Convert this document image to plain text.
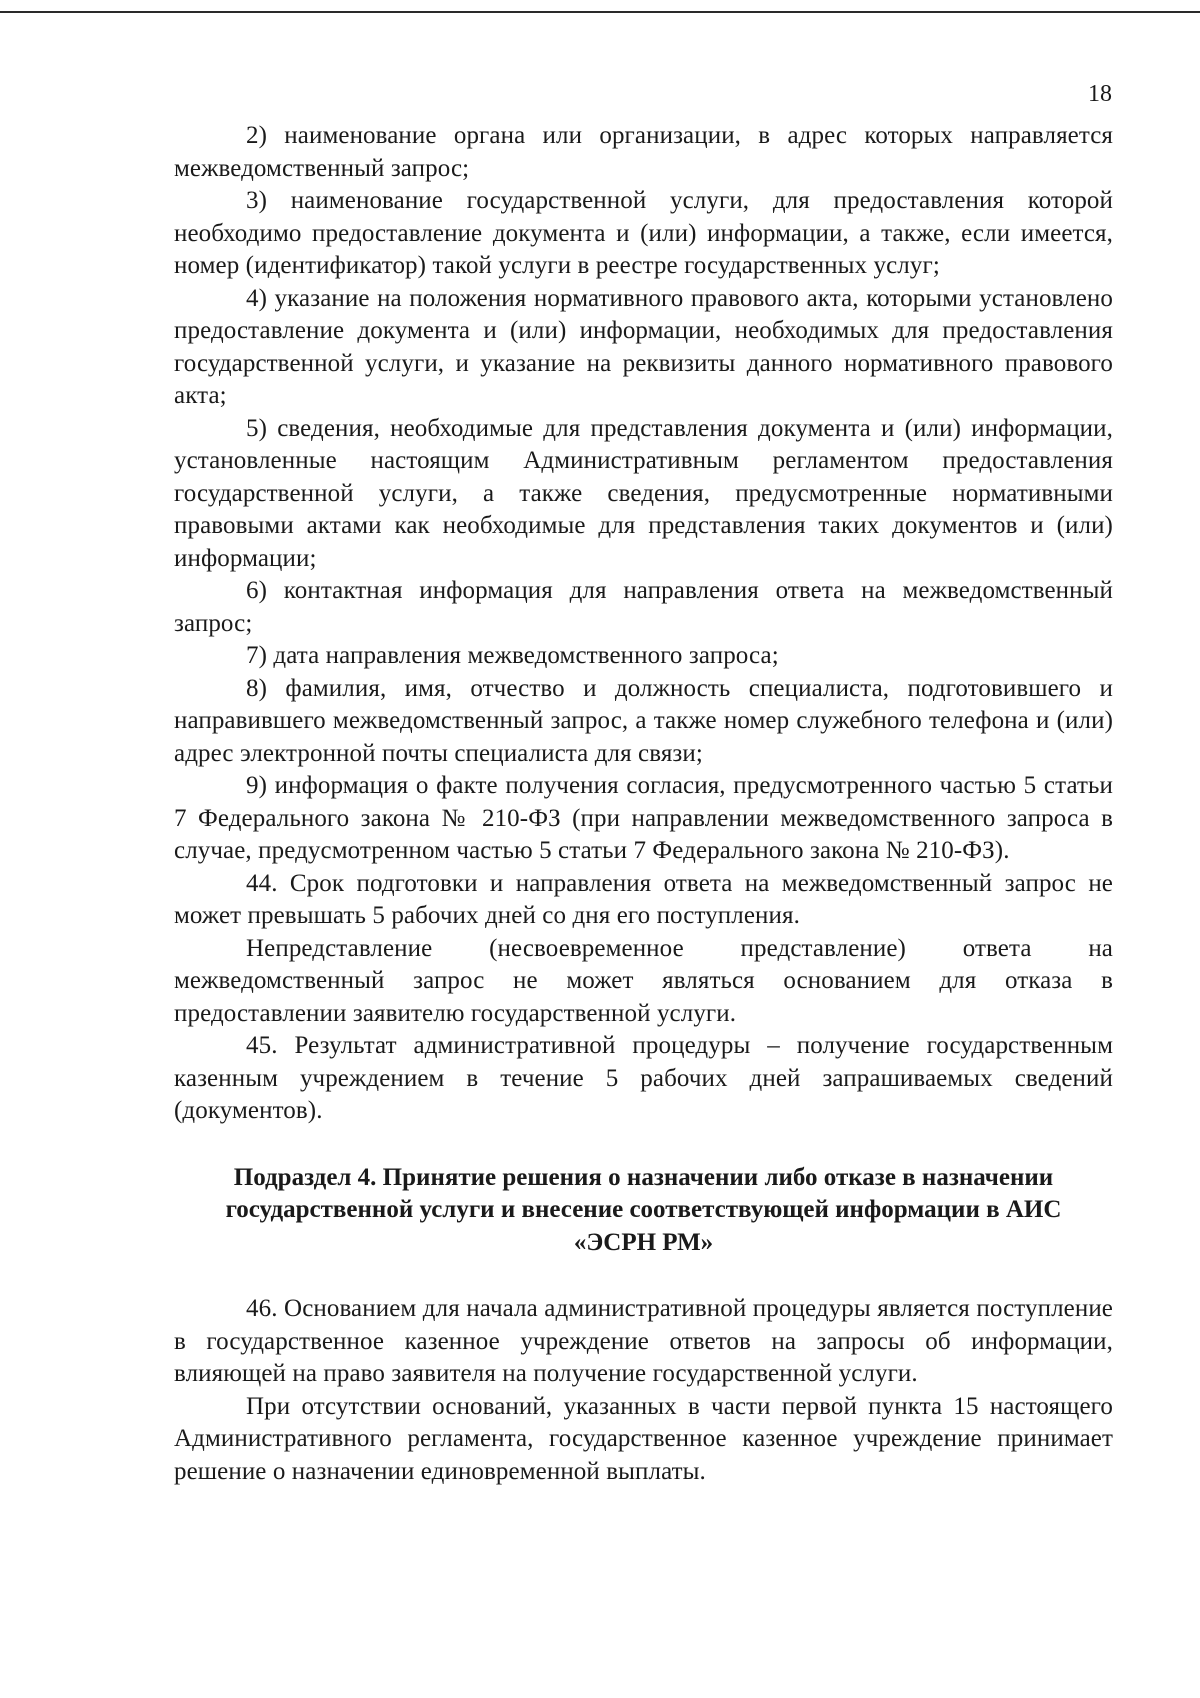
18

2) наименование органа или организации, в адрес которых направляется межведомственный запрос;

3) наименование государственной услуги, для предоставления которой необходимо предоставление документа и (или) информации, а также, если имеется, номер (идентификатор) такой услуги в реестре государственных услуг;

4) указание на положения нормативного правового акта, которыми установлено предоставление документа и (или) информации, необходимых для предоставления государственной услуги, и указание на реквизиты данного нормативного правового акта;

5) сведения, необходимые для представления документа и (или) информации, установленные настоящим Административным регламентом предоставления государственной услуги, а также сведения, предусмотренные нормативными правовыми актами как необходимые для представления таких документов и (или) информации;

6) контактная информация для направления ответа на межведомственный запрос;

7) дата направления межведомственного запроса;

8) фамилия, имя, отчество и должность специалиста, подготовившего и направившего межведомственный запрос, а также номер служебного телефона и (или) адрес электронной почты специалиста для связи;

9) информация о факте получения согласия, предусмотренного частью 5 статьи 7 Федерального закона № 210-ФЗ (при направлении межведомственного запроса в случае, предусмотренном частью 5 статьи 7 Федерального закона № 210-ФЗ).

44. Срок подготовки и направления ответа на межведомственный запрос не может превышать 5 рабочих дней со дня его поступления.

Непредставление (несвоевременное представление) ответа на межведомственный запрос не может являться основанием для отказа в предоставлении заявителю государственной услуги.

45. Результат административной процедуры – получение государственным казенным учреждением в течение 5 рабочих дней запрашиваемых сведений (документов).

Подраздел 4. Принятие решения о назначении либо отказе в назначении государственной услуги и внесение соответствующей информации в АИС «ЭСРН РМ»

46. Основанием для начала административной процедуры является поступление в государственное казенное учреждение ответов на запросы об информации, влияющей на право заявителя на получение государственной услуги.

При отсутствии оснований, указанных в части первой пункта 15 настоящего Административного регламента, государственное казенное учреждение принимает решение о назначении единовременной выплаты.
